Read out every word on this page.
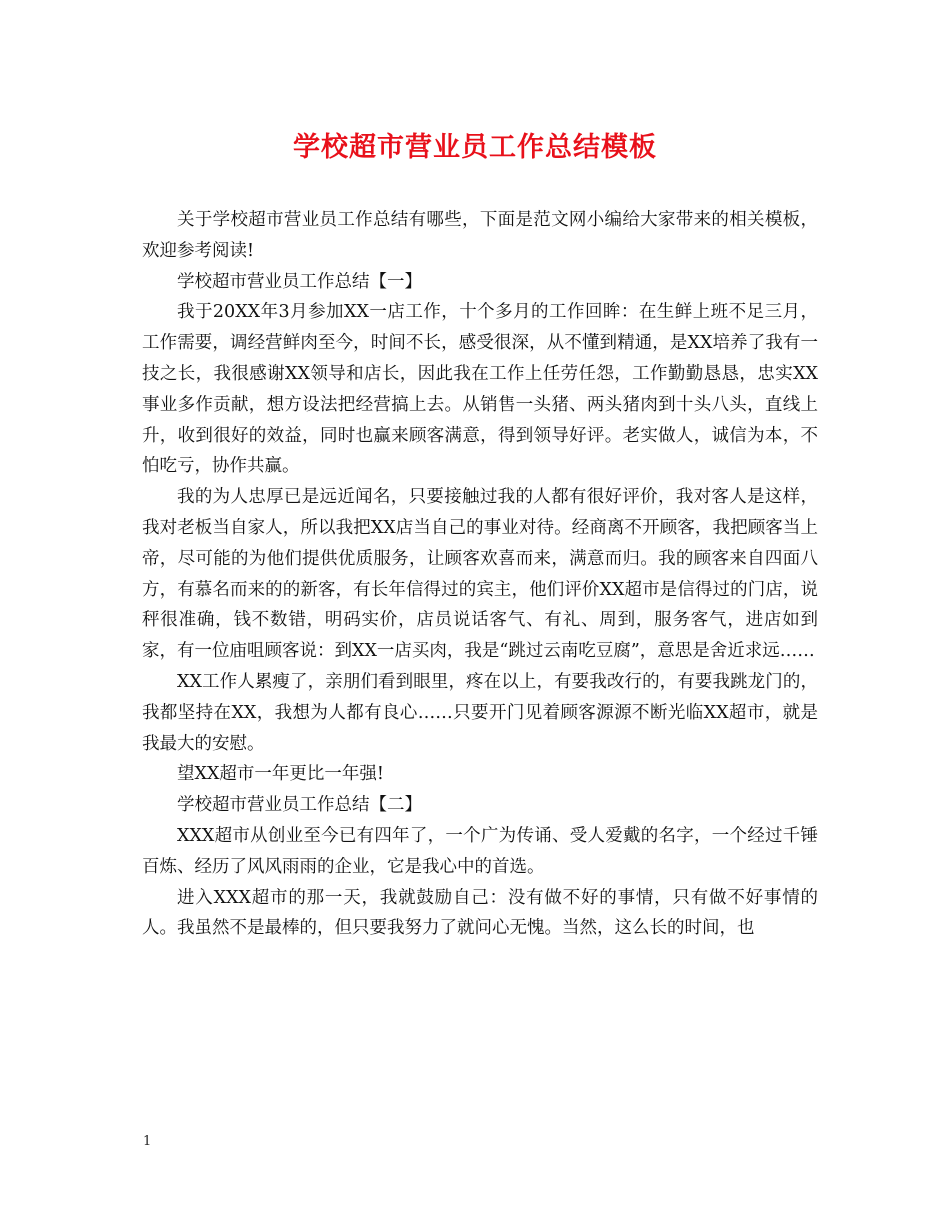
学校超市营业员工作总结模板

关于学校超市营业员工作总结有哪些，下面是范文网小编给大家带来的相关模板，欢迎参考阅读!

学校超市营业员工作总结【一】

我于20XX年3月参加XX一店工作，十个多月的工作回眸：在生鲜上班不足三月，工作需要，调经营鲜肉至今，时间不长，感受很深，从不懂到精通，是XX培养了我有一技之长，我很感谢XX领导和店长，因此我在工作上任劳任怨，工作勤勤恳恳，忠实XX事业多作贡献，想方设法把经营搞上去。从销售一头猪、两头猪肉到十头八头，直线上升，收到很好的效益，同时也赢来顾客满意，得到领导好评。老实做人，诚信为本，不怕吃亏，协作共赢。

我的为人忠厚已是远近闻名，只要接触过我的人都有很好评价，我对客人是这样，我对老板当自家人，所以我把XX店当自己的事业对待。经商离不开顾客，我把顾客当上帝，尽可能的为他们提供优质服务，让顾客欢喜而来，满意而归。我的顾客来自四面八方，有慕名而来的的新客，有长年信得过的宾主，他们评价XX超市是信得过的门店，说秤很准确，钱不数错，明码实价，店员说话客气、有礼、周到，服务客气，进店如到家，有一位庙咀顾客说：到XX一店买肉，我是“跳过云南吃豆腐”，意思是舍近求远……

XX工作人累瘦了，亲朋们看到眼里，疼在以上，有要我改行的，有要我跳龙门的，我都坚持在XX，我想为人都有良心……只要开门见着顾客源源不断光临XX超市，就是我最大的安慰。

望XX超市一年更比一年强!

学校超市营业员工作总结【二】

XXX超市从创业至今已有四年了，一个广为传诵、受人爱戴的名字，一个经过千锤百炼、经历了风风雨雨的企业，它是我心中的首选。

进入XXX超市的那一天，我就鼓励自己：没有做不好的事情，只有做不好事情的人。我虽然不是最棒的，但只要我努力了就问心无愧。当然，这么长的时间，也

1
